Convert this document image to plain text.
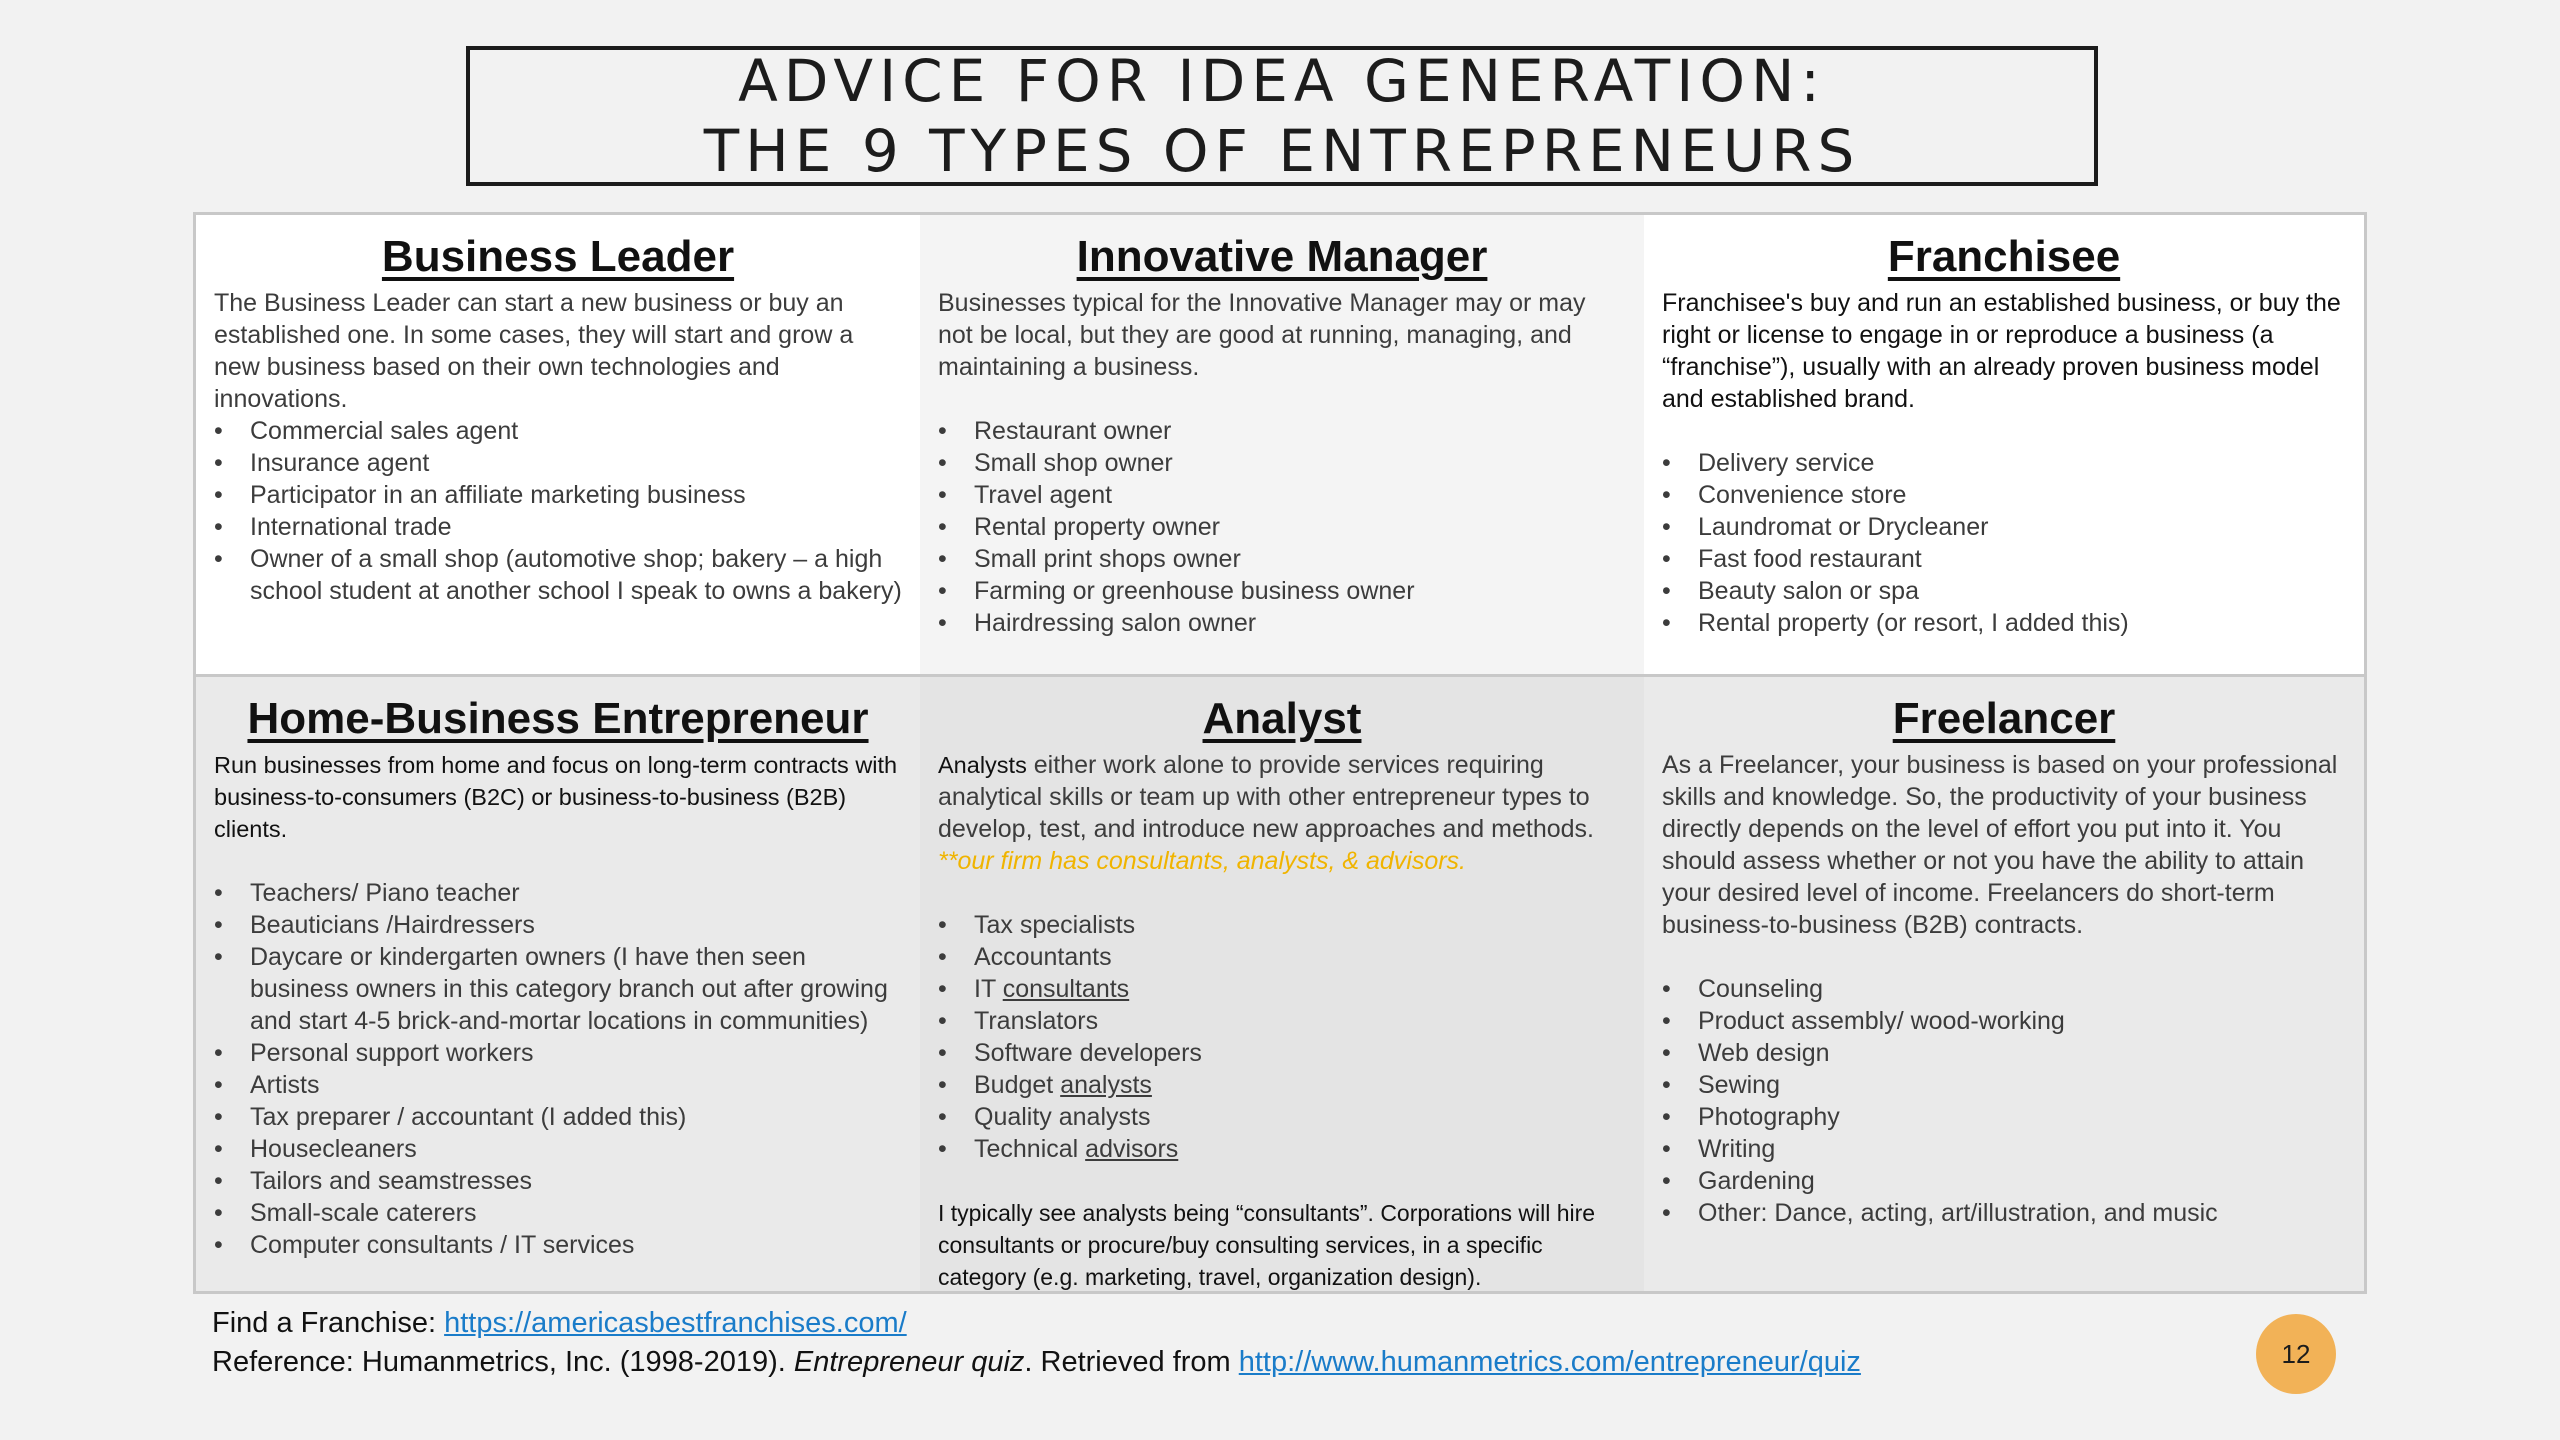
ADVICE FOR IDEA GENERATION:
THE 9 TYPES OF ENTREPRENEURS
Business Leader
The Business Leader can start a new business or buy an established one. In some cases, they will start and grow a new business based on their own technologies and innovations.
• Commercial sales agent
• Insurance agent
• Participator in an affiliate marketing business
• International trade
• Owner of a small shop (automotive shop; bakery – a high school student at another school I speak to owns a bakery)
Innovative Manager
Businesses typical for the Innovative Manager may or may not be local, but they are good at running, managing, and maintaining a business.
• Restaurant owner
• Small shop owner
• Travel agent
• Rental property owner
• Small print shops owner
• Farming or greenhouse business owner
• Hairdressing salon owner
Franchisee
Franchisee's buy and run an established business, or buy the right or license to engage in or reproduce a business (a “franchise”), usually with an already proven business model and established brand.
• Delivery service
• Convenience store
• Laundromat or Drycleaner
• Fast food restaurant
• Beauty salon or spa
• Rental property (or resort, I added this)
Home-Business Entrepreneur
Run businesses from home and focus on long-term contracts with business-to-consumers (B2C) or business-to-business (B2B) clients.
• Teachers/ Piano teacher
• Beauticians /Hairdressers
• Daycare or kindergarten owners (I have then seen business owners in this category branch out after growing and start 4-5 brick-and-mortar locations in communities)
• Personal support workers
• Artists
• Tax preparer / accountant (I added this)
• Housecleaners
• Tailors and seamstresses
• Small-scale caterers
• Computer consultants / IT services
Analyst
Analysts either work alone to provide services requiring analytical skills or team up with other entrepreneur types to develop, test, and introduce new approaches and methods. **our firm has consultants, analysts, & advisors.
• Tax specialists
• Accountants
• IT consultants
• Translators
• Software developers
• Budget analysts
• Quality analysts
• Technical advisors
I typically see analysts being “consultants”. Corporations will hire consultants or procure/buy consulting services, in a specific category (e.g. marketing, travel, organization design).
Freelancer
As a Freelancer, your business is based on your professional skills and knowledge. So, the productivity of your business directly depends on the level of effort you put into it. You should assess whether or not you have the ability to attain your desired level of income. Freelancers do short-term business-to-business (B2B) contracts.
• Counseling
• Product assembly/ wood-working
• Web design
• Sewing
• Photography
• Writing
• Gardening
• Other: Dance, acting, art/illustration, and music
Find a Franchise: https://americasbestfranchises.com/
Reference: Humanmetrics, Inc. (1998-2019). Entrepreneur quiz. Retrieved from http://www.humanmetrics.com/entrepreneur/quiz	12
